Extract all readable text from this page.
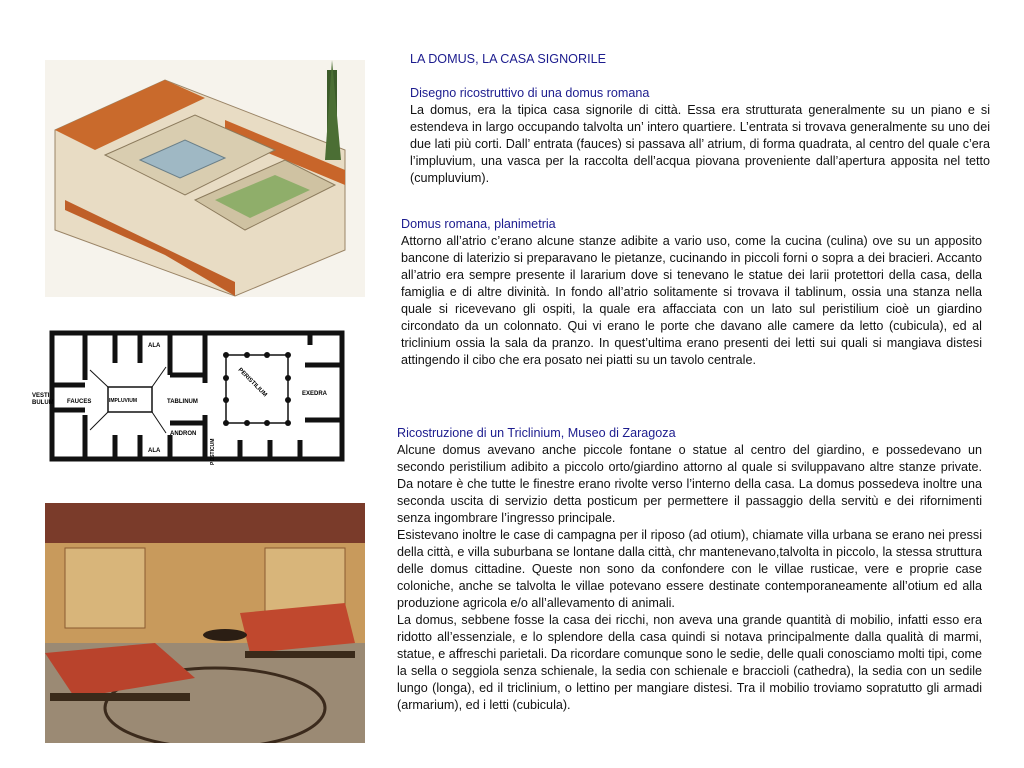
ALA
VESTI
BULUM FAUCES	IMPLUVIUM	TABLINUM
ANDRON
ALA
PERISTILIUM	EXEDRA
POSTICUM

LA DOMUS, LA CASA SIGNORILE

Disegno ricostruttivo di una domus romana

La domus, era la tipica casa signorile di città. Essa era strutturata generalmente su un piano e si estendeva in largo occupando talvolta un’ intero quartiere. L’entrata si trovava generalmente su uno dei due lati più corti. Dall’ entrata (fauces) si passava all’ atrium, di forma quadrata, al centro del quale c’era l’impluvium, una vasca per la raccolta dell’acqua piovana proveniente dall’apertura apposita nel tetto (cumpluvium).

Domus romana, planimetria

Attorno all’atrio c’erano alcune stanze adibite a vario uso, come la cucina (culina) ove su un apposito bancone di laterizio si preparavano le pietanze, cucinando in piccoli forni o sopra a dei bracieri. Accanto all’atrio era sempre presente il lararium dove si tenevano le statue dei larii protettori della casa, della famiglia e di altre divinità. In fondo all’atrio solitamente si trovava il tablinum, ossia una stanza nella quale si ricevevano gli ospiti, la quale era affacciata con un lato sul peristilium cioè un giardino circondato da un colonnato. Qui vi erano le porte che davano alle camere da letto (cubicula), ed al triclinium ossia la sala da pranzo. In quest’ultima erano presenti dei letti sui quali si mangiava distesi attingendo il cibo che era posato nei piatti su un tavolo centrale.

Ricostruzione di un Triclinium, Museo di Zaragoza

Alcune domus avevano anche piccole fontane o statue al centro del giardino, e possedevano un secondo peristilium adibito a piccolo orto/giardino attorno al quale si sviluppavano altre stanze private. Da notare è che tutte le finestre erano rivolte verso l’interno della casa. La domus possedeva inoltre una seconda uscita di servizio detta posticum per permettere il passaggio della servitù e dei rifornimenti senza ingombrare l’ingresso principale.

Esistevano inoltre le case di campagna per il riposo (ad otium), chiamate villa urbana se erano nei pressi della città, e villa suburbana se lontane dalla città, chr mantenevano,talvolta in piccolo, la stessa struttura delle domus cittadine. Queste non sono da confondere con le villae rusticae, vere e proprie case coloniche, anche se talvolta le villae potevano essere destinate contemporaneamente all’otium ed alla produzione agricola e/o all’allevamento di animali.

La domus, sebbene fosse la casa dei ricchi, non aveva una grande quantità di mobilio, infatti esso era ridotto all’essenziale, e lo splendore della casa quindi si notava principalmente dalla qualità di marmi, statue, e affreschi parietali. Da ricordare comunque sono le sedie, delle quali conosciamo molti tipi, come la sella o seggiola senza schienale, la sedia con schienale e braccioli (cathedra), la sedia con un sedile lungo (longa), ed il triclinium, o lettino per mangiare distesi. Tra il mobilio troviamo sopratutto gli armadi (armarium), ed i letti (cubicula).
